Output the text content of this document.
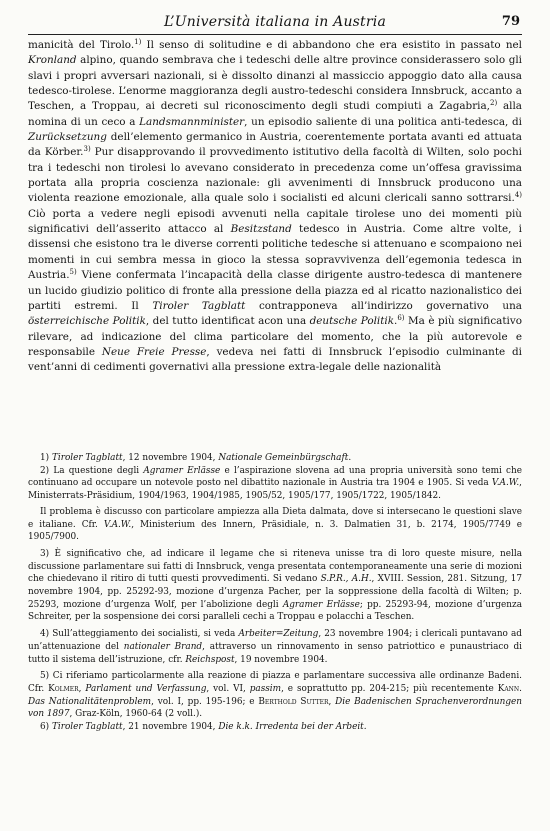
L’Università italiana in Austria	79

manicità del Tirolo.$^{1)}$ Il senso di solitudine e di abbandono che era esistito in passato nel Kronland alpino, quando sembrava che i tedeschi delle altre province considerassero solo gli slavi i propri avversari nazionali, si è dissolto dinanzi al massiccio appoggio dato alla causa tedesco-tirolese. L’enorme maggioranza degli austro-tedeschi considera Innsbruck, accanto a Teschen, a Troppau, ai decreti sul riconoscimento degli studi compiuti a Zagabria,$^{2)}$ alla nomina di un ceco a Landsmannminister, un episodio saliente di una politica anti-tedesca, di Zurücksetzung dell’elemento germanico in Austria, coerentemente portata avanti ed attuata da Körber.$^{3)}$ Pur disapprovando il provvedimento istitutivo della facoltà di Wilten, solo pochi tra i tedeschi non tirolesi lo avevano considerato in precedenza come un’offesa gravissima portata alla propria coscienza nazionale: gli avvenimenti di Innsbruck producono una violenta reazione emozionale, alla quale solo i socialisti ed alcuni clericali sanno sottrarsi.$^{4)}$ Ciò porta a vedere negli episodi avvenuti nella capitale tirolese uno dei momenti più significativi dell’asserito attacco al Besitzstand tedesco in Austria. Come altre volte, i dissensi che esistono tra le diverse correnti politiche tedesche si attenuano e scompaiono nei momenti in cui sembra messa in gioco la stessa sopravvivenza dell’egemonia tedesca in Austria.$^{5)}$ Viene confermata l’incapacità della classe dirigente austro-tedesca di mantenere un lucido giudizio politico di fronte alla pressione della piazza ed al ricatto nazionalistico dei partiti estremi. Il Tiroler Tagblatt contrapponeva all’indirizzo governativo una österreichische Politik, del tutto identificat acon una deutsche Politik.$^{6)}$ Ma è più significativo rilevare, ad indicazione del clima particolare del momento, che la più autorevole e responsabile Neue Freie Presse, vedeva nei fatti di Innsbruck l’episodio culminante di vent’anni di cedimenti governativi alla pressione extra-legale delle nazionalità

1) Tiroler Tagblatt, 12 novembre 1904, Nationale Gemeinbürgschaft.

2) La questione degli Agramer Erlässe e l’aspirazione slovena ad una propria università sono temi che continuano ad occupare un notevole posto nel dibattito nazionale in Austria tra 1904 e 1905. Si veda V.A.W., Ministerrats-Präsidium, 1904/1963, 1904/1985, 1905/52, 1905/177, 1905/1722, 1905/1842.

Il problema è discusso con particolare ampiezza alla Dieta dalmata, dove si intersecano le questioni slave e italiane. Cfr. V.A.W., Ministerium des Innern, Präsidiale, n. 3. Dalmatien 31, b. 2174, 1905/7749 e 1905/7900.

3) È significativo che, ad indicare il legame che si riteneva unisse tra di loro queste misure, nella discussione parlamentare sui fatti di Innsbruck, venga presentata contemporaneamente una serie di mozioni che chiedevano il ritiro di tutti questi provvedimenti. Si vedano S.P.R., A.H., XVIII. Session, 281. Sitzung, 17 novembre 1904, pp. 25292-93, mozione d’urgenza Pacher, per la soppressione della facoltà di Wilten; p. 25293, mozione d’urgenza Wolf, per l’abolizione degli Agramer Erlässe; pp. 25293-94, mozione d’urgenza Schreiter, per la sospensione dei corsi paralleli cechi a Troppau e polacchi a Teschen.

4) Sull’atteggiamento dei socialisti, si veda Arbeiter=Zeitung, 23 novembre 1904; i clericali puntavano ad un’attenuazione del nationaler Brand, attraverso un rinnovamento in senso patriottico e punaustriaco di tutto il sistema dell’istruzione, cfr. Reichspost, 19 novembre 1904.

5) Ci riferiamo particolarmente alla reazione di piazza e parlamentare successiva alle ordinanze Badeni. Cfr. Kolmer, Parlament und Verfassung, vol. VI, passim, e soprattutto pp. 204-215; più recentemente Kann. Das Nationalitätenproblem, vol. I, pp. 195-196; e Berthold Sutter, Die Badenischen Sprachenverordnungen von 1897, Graz-Köln, 1960-64 (2 voll.).

6) Tiroler Tagblatt, 21 novembre 1904, Die k.k. Irredenta bei der Arbeit.
